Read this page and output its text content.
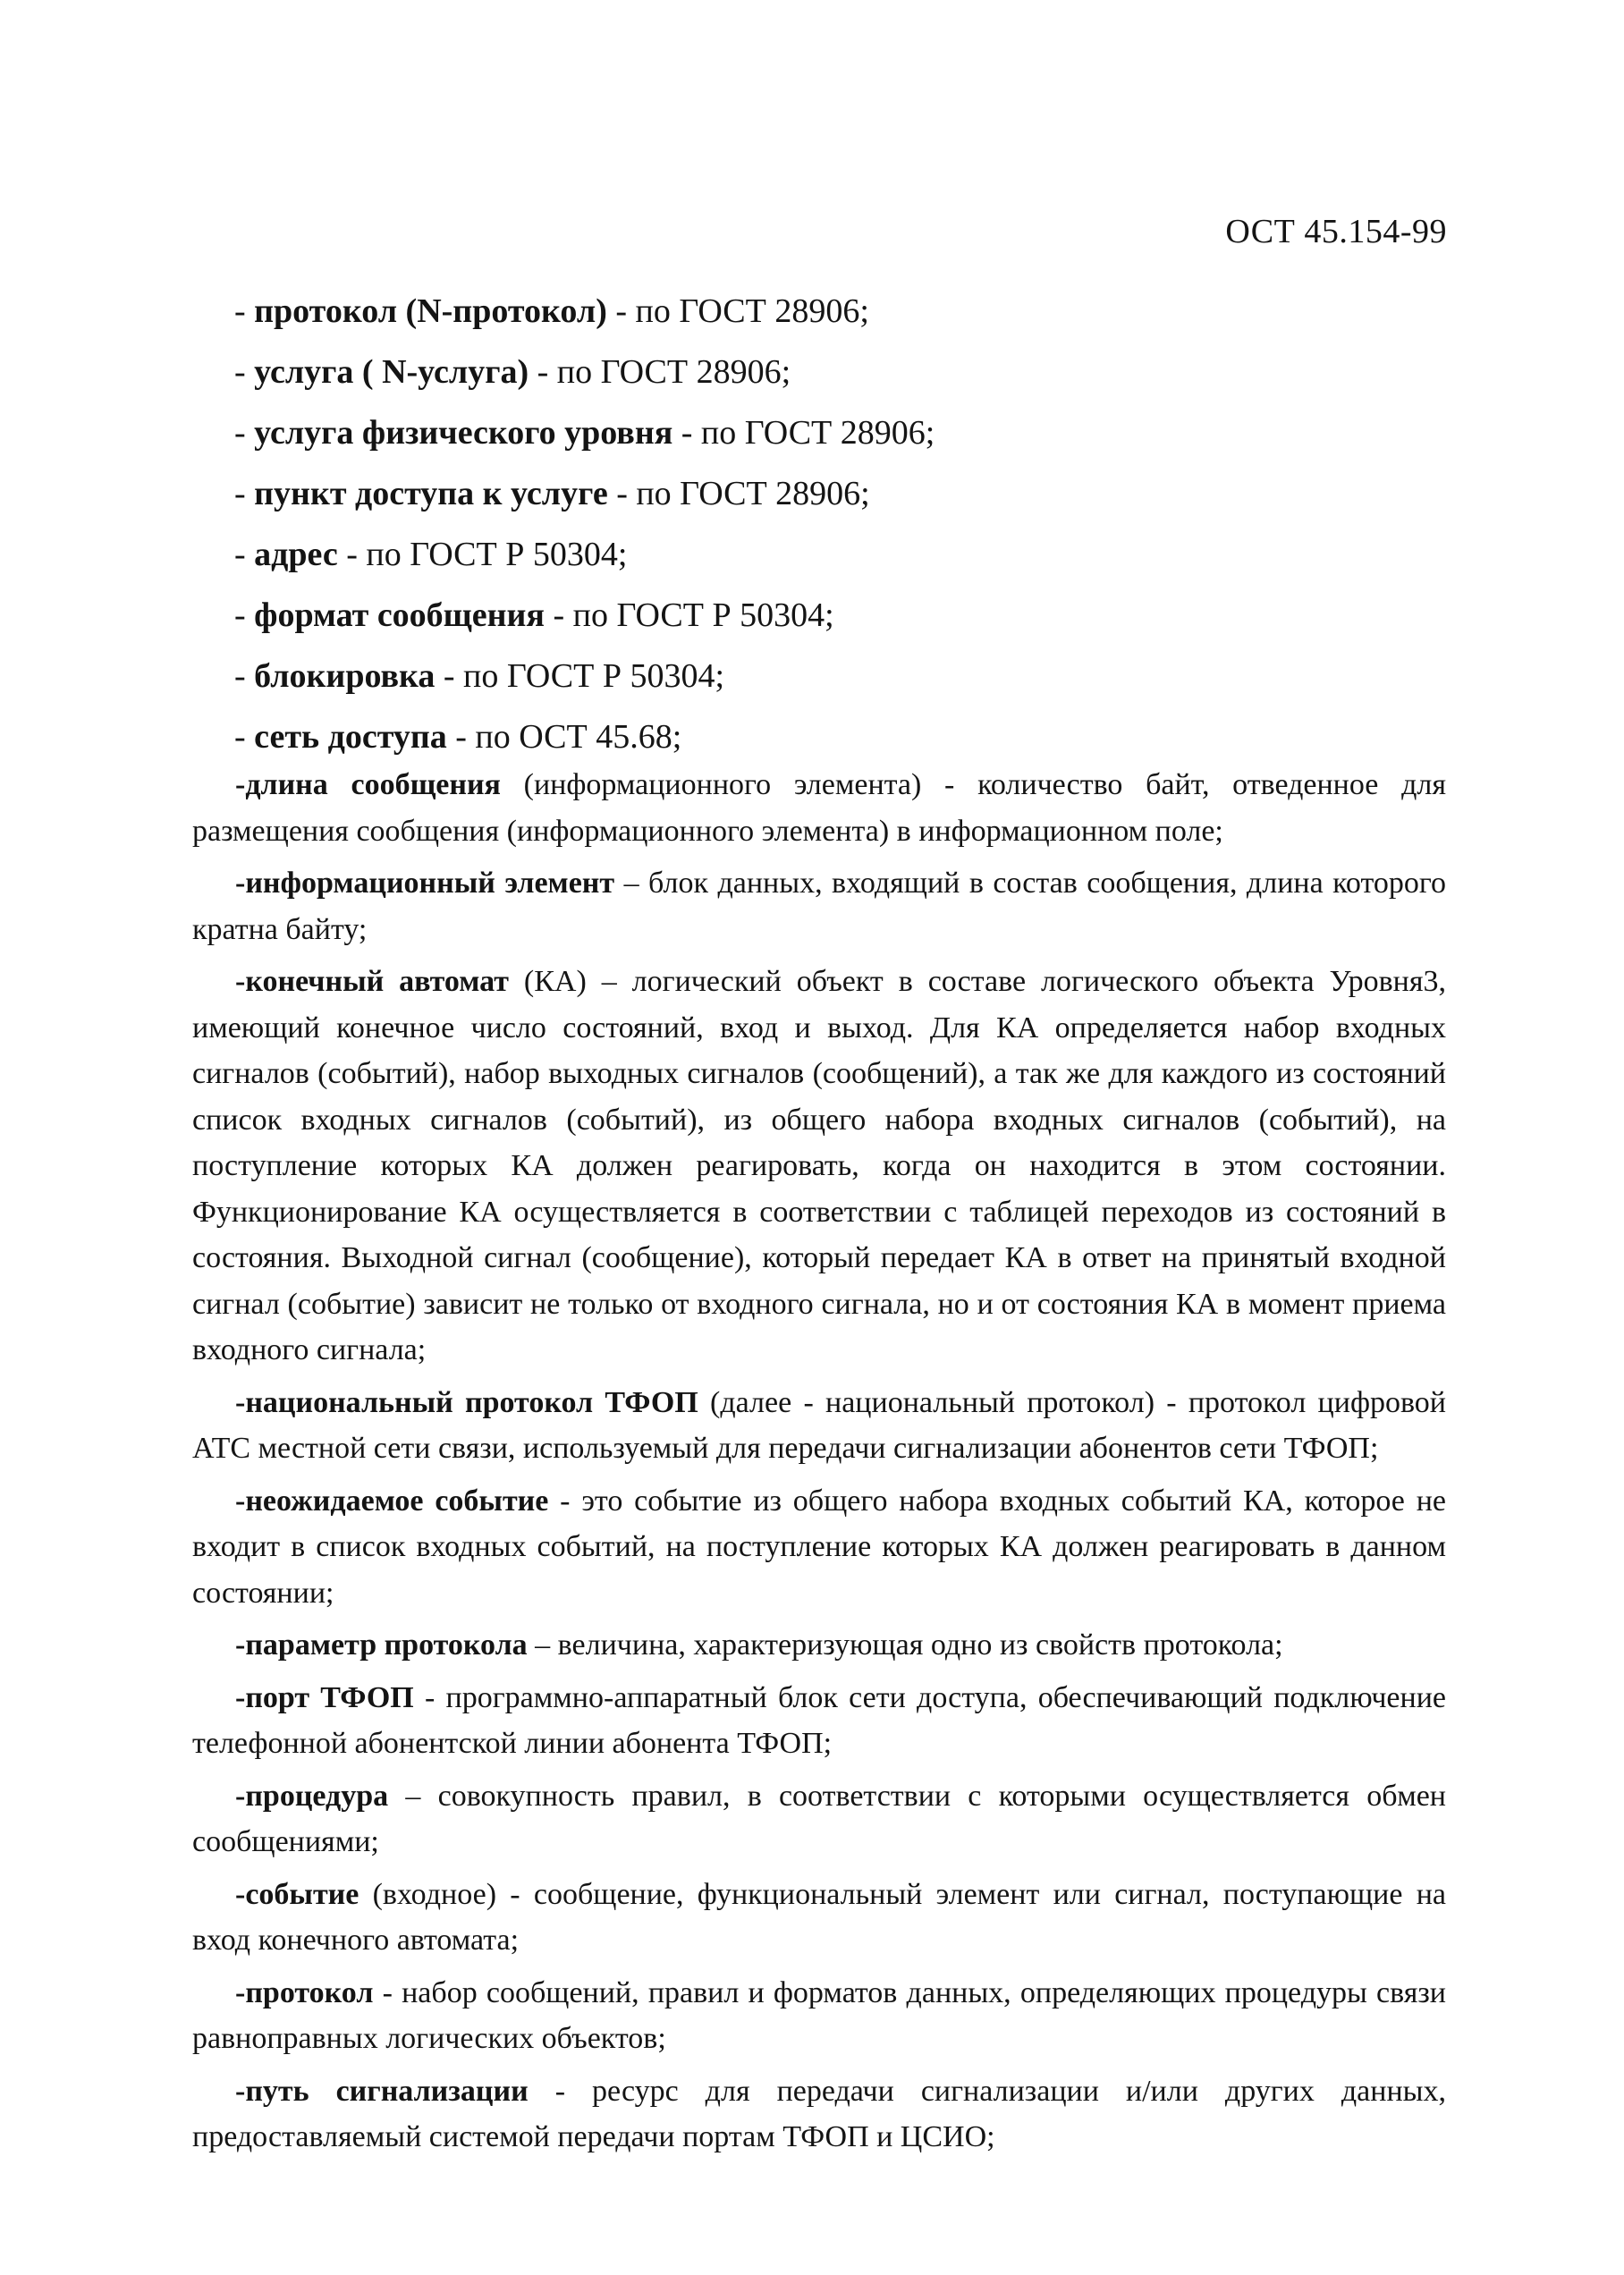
ОСТ 45.154-99
- протокол (N-протокол) - по ГОСТ 28906;
- услуга ( N-услуга) - по ГОСТ 28906;
- услуга физического уровня - по ГОСТ 28906;
- пункт доступа к услуге - по ГОСТ 28906;
- адрес - по ГОСТ Р 50304;
- формат сообщения - по ГОСТ Р 50304;
- блокировка - по ГОСТ Р 50304;
- сеть доступа - по ОСТ 45.68;

-длина сообщения (информационного элемента) - количество байт, отведенное для размещения сообщения (информационного элемента) в информационном поле;

-информационный элемент – блок данных, входящий в состав сообщения, длина которого кратна байту;

-конечный автомат (КА) – логический объект в составе логического объекта Уровня3, имеющий конечное число состояний, вход и выход. Для КА определяется набор входных сигналов (событий), набор выходных сигналов (сообщений), а так же для каждого из состояний список входных сигналов (событий), из общего набора входных сигналов (событий), на поступление которых КА должен реагировать, когда он находится в этом состоянии. Функционирование КА осуществляется в соответствии с таблицей переходов из состояний в состояния. Выходной сигнал (сообщение), который передает КА в ответ на принятый входной сигнал (событие) зависит не только от входного сигнала, но и от состояния КА в момент приема входного сигнала;

-национальный протокол ТФОП (далее - национальный протокол) - протокол цифровой АТС местной сети связи, используемый для передачи сигнализации абонентов сети ТФОП;

-неожидаемое событие - это событие из общего набора входных событий КА, которое не входит в список входных событий, на поступление которых КА должен реагировать в данном состоянии;

-параметр протокола – величина, характеризующая одно из свойств протокола;

-порт ТФОП - программно-аппаратный блок сети доступа, обеспечивающий подключение телефонной абонентской линии абонента ТФОП;

-процедура – совокупность правил, в соответствии с которыми осуществляется обмен сообщениями;

-событие (входное) - сообщение, функциональный элемент или сигнал, поступающие на вход конечного автомата;

-протокол - набор сообщений, правил и форматов данных, определяющих процедуры связи равноправных логических объектов;

-путь сигнализации - ресурс для передачи сигнализации и/или других данных, предоставляемый системой передачи портам ТФОП и ЦСИО;
